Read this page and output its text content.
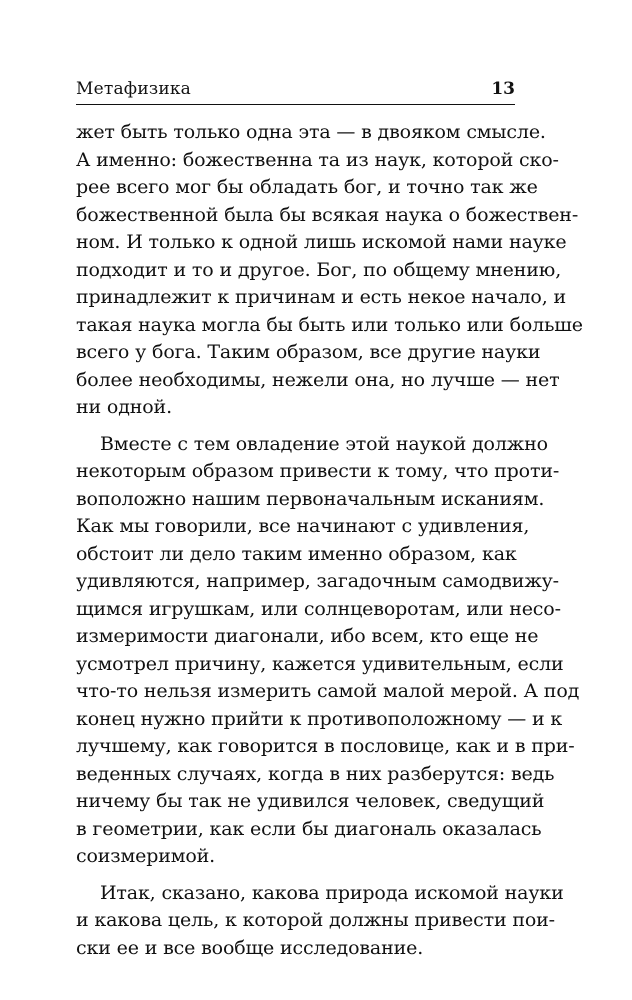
Метафизика	13
жет быть только одна эта — в двояком смысле.
А именно: божественна та из наук, которой ско-
рее всего мог бы обладать бог, и точно так же
божественной была бы всякая наука о божествен-
ном. И только к одной лишь искомой нами науке
подходит и то и другое. Бог, по общему мнению,
принадлежит к причинам и есть некое начало, и
такая наука могла бы быть или только или больше
всего у бога. Таким образом, все другие науки
более необходимы, нежели она, но лучше — нет
ни одной.
Вместе с тем овладение этой наукой должно
некоторым образом привести к тому, что проти-
воположно нашим первоначальным исканиям.
Как мы говорили, все начинают с удивления,
обстоит ли дело таким именно образом, как
удивляются, например, загадочным самодвижу-
щимся игрушкам, или солнцеворотам, или несо-
измеримости диагонали, ибо всем, кто еще не
усмотрел причину, кажется удивительным, если
что-то нельзя измерить самой малой мерой. А под
конец нужно прийти к противоположному — и к
лучшему, как говорится в пословице, как и в при-
веденных случаях, когда в них разберутся: ведь
ничему бы так не удивился человек, сведущий
в геометрии, как если бы диагональ оказалась
соизмеримой.
Итак, сказано, какова природа искомой науки
и какова цель, к которой должны привести пои-
ски ее и все вообще исследование.
